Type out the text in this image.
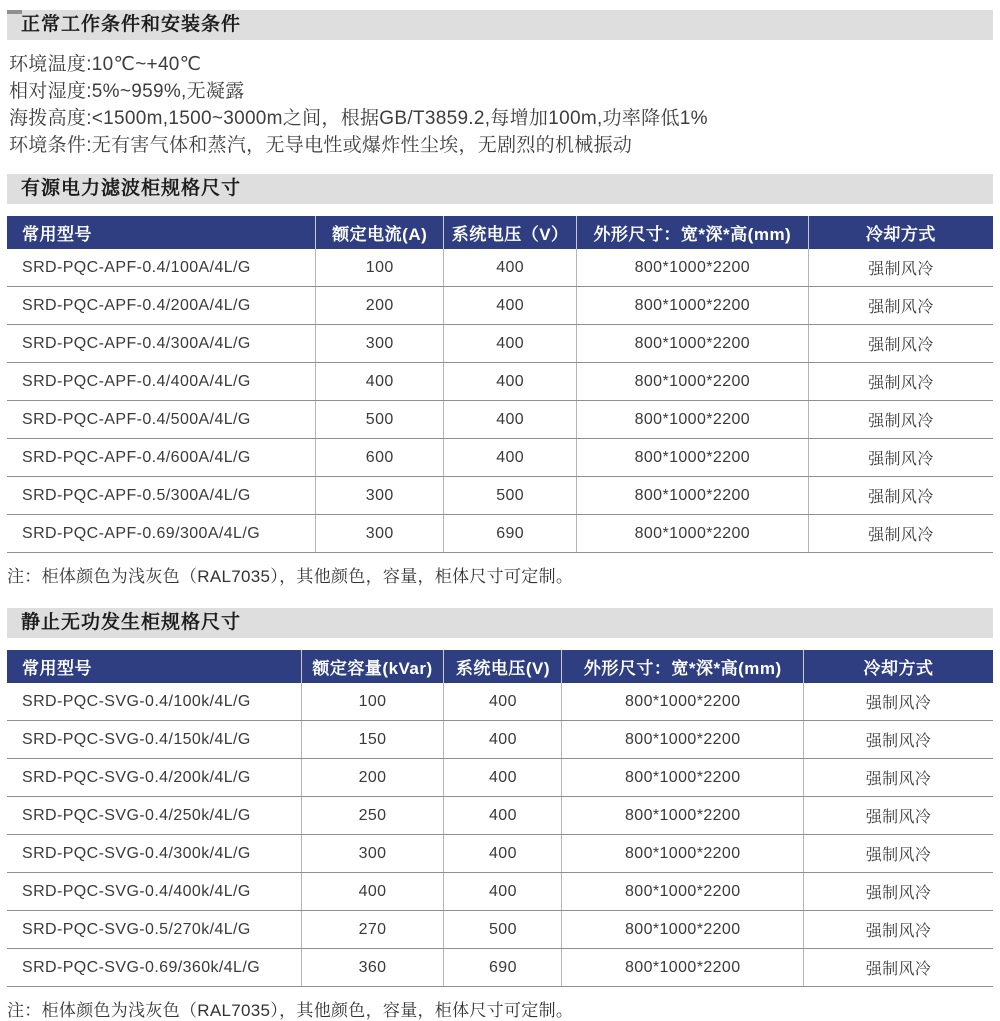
正常工作条件和安装条件
环境温度:10℃~+40℃
相对湿度:5%~959%,无凝露
海拨高度:<1500m,1500~3000m之间，根据GB/T3859.2,每增加100m,功率降低1%
环境条件:无有害气体和蒸汽，无导电性或爆炸性尘埃，无剧烈的机械振动
有源电力滤波柜规格尺寸
常用型号	额定电流(A)	系统电压（V）	外形尺寸：宽*深*高(mm)	冷却方式
SRD-PQC-APF-0.4/100A/4L/G	100	400	800*1000*2200	强制风冷
SRD-PQC-APF-0.4/200A/4L/G	200	400	800*1000*2200	强制风冷
SRD-PQC-APF-0.4/300A/4L/G	300	400	800*1000*2200	强制风冷
SRD-PQC-APF-0.4/400A/4L/G	400	400	800*1000*2200	强制风冷
SRD-PQC-APF-0.4/500A/4L/G	500	400	800*1000*2200	强制风冷
SRD-PQC-APF-0.4/600A/4L/G	600	400	800*1000*2200	强制风冷
SRD-PQC-APF-0.5/300A/4L/G	300	500	800*1000*2200	强制风冷
SRD-PQC-APF-0.69/300A/4L/G	300	690	800*1000*2200	强制风冷
注：柜体颜色为浅灰色（RAL7035），其他颜色，容量，柜体尺寸可定制。
静止无功发生柜规格尺寸
常用型号	额定容量(kVar)	系统电压(V)	外形尺寸：宽*深*高(mm)	冷却方式
SRD-PQC-SVG-0.4/100k/4L/G	100	400	800*1000*2200	强制风冷
SRD-PQC-SVG-0.4/150k/4L/G	150	400	800*1000*2200	强制风冷
SRD-PQC-SVG-0.4/200k/4L/G	200	400	800*1000*2200	强制风冷
SRD-PQC-SVG-0.4/250k/4L/G	250	400	800*1000*2200	强制风冷
SRD-PQC-SVG-0.4/300k/4L/G	300	400	800*1000*2200	强制风冷
SRD-PQC-SVG-0.4/400k/4L/G	400	400	800*1000*2200	强制风冷
SRD-PQC-SVG-0.5/270k/4L/G	270	500	800*1000*2200	强制风冷
SRD-PQC-SVG-0.69/360k/4L/G	360	690	800*1000*2200	强制风冷
注：柜体颜色为浅灰色（RAL7035），其他颜色，容量，柜体尺寸可定制。
